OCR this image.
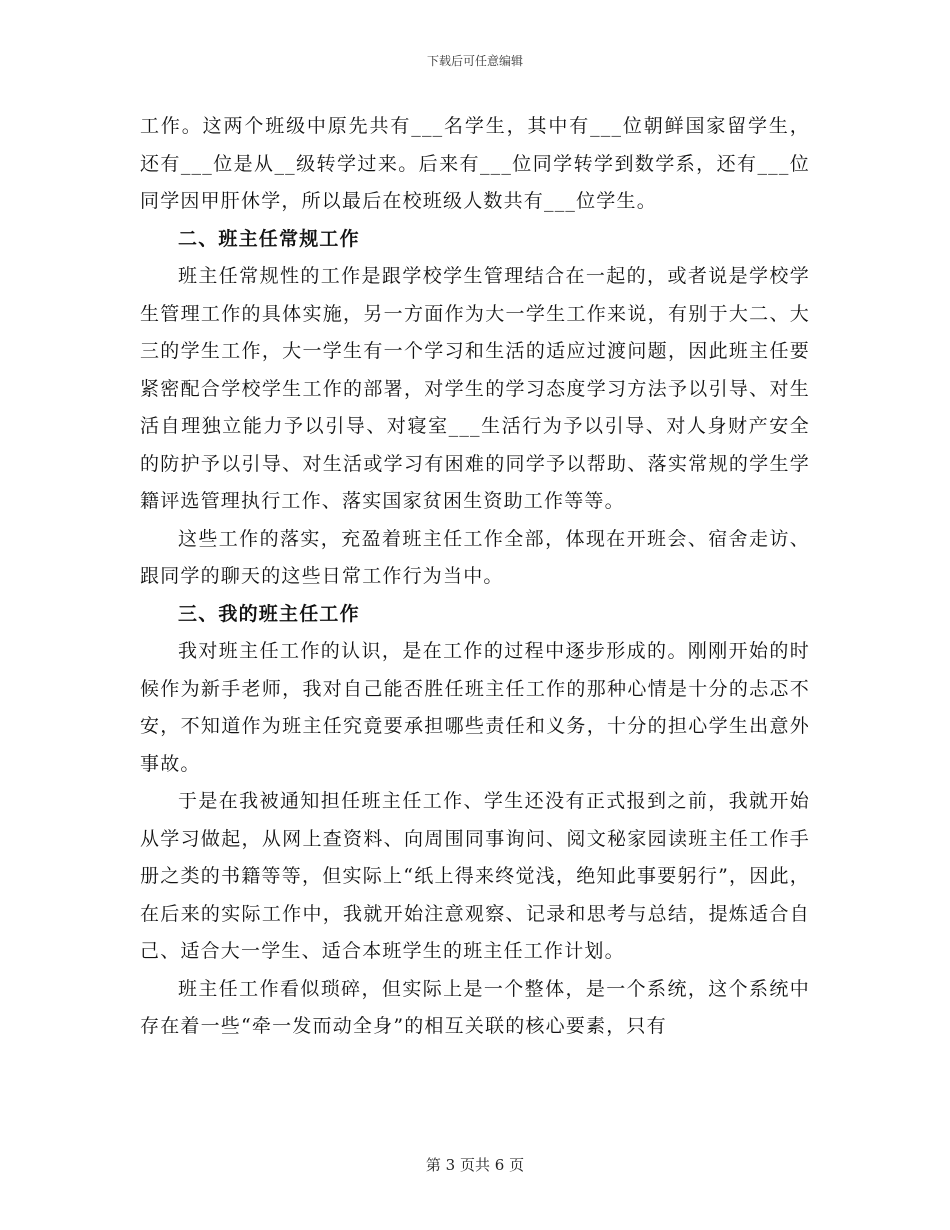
下载后可任意编辑

工作。这两个班级中原先共有___名学生，其中有___位朝鲜国家留学生，还有___位是从__级转学过来。后来有___位同学转学到数学系，还有___位同学因甲肝休学，所以最后在校班级人数共有___位学生。

二、班主任常规工作

班主任常规性的工作是跟学校学生管理结合在一起的，或者说是学校学生管理工作的具体实施，另一方面作为大一学生工作来说，有别于大二、大三的学生工作，大一学生有一个学习和生活的适应过渡问题，因此班主任要紧密配合学校学生工作的部署，对学生的学习态度学习方法予以引导、对生活自理独立能力予以引导、对寝室___生活行为予以引导、对人身财产安全的防护予以引导、对生活或学习有困难的同学予以帮助、落实常规的学生学籍评选管理执行工作、落实国家贫困生资助工作等等。

这些工作的落实，充盈着班主任工作全部，体现在开班会、宿舍走访、跟同学的聊天的这些日常工作行为当中。

三、我的班主任工作

我对班主任工作的认识，是在工作的过程中逐步形成的。刚刚开始的时候作为新手老师，我对自己能否胜任班主任工作的那种心情是十分的忐忑不安，不知道作为班主任究竟要承担哪些责任和义务，十分的担心学生出意外事故。

于是在我被通知担任班主任工作、学生还没有正式报到之前，我就开始从学习做起，从网上查资料、向周围同事询问、阅文秘家园读班主任工作手册之类的书籍等等，但实际上“纸上得来终觉浅，绝知此事要躬行”，因此，在后来的实际工作中，我就开始注意观察、记录和思考与总结，提炼适合自己、适合大一学生、适合本班学生的班主任工作计划。

班主任工作看似琐碎，但实际上是一个整体，是一个系统，这个系统中存在着一些“牵一发而动全身”的相互关联的核心要素，只有

第 3 页共 6 页
